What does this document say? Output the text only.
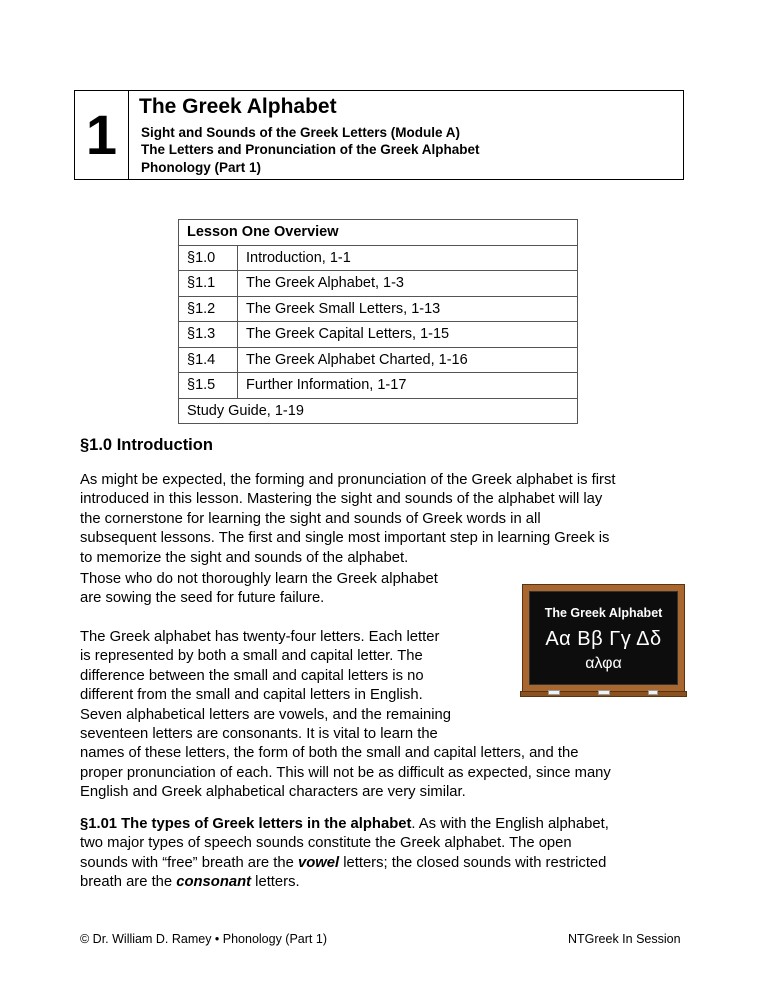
1	The Greek Alphabet
Sight and Sounds of the Greek Letters (Module A)
The Letters and Pronunciation of the Greek Alphabet
Phonology (Part 1)
Lesson One Overview	
§1.0	Introduction, 1-1
§1.1	The Greek Alphabet, 1-3
§1.2	The Greek Small Letters, 1-13
§1.3	The Greek Capital Letters, 1-15
§1.4	The Greek Alphabet Charted, 1-16
§1.5	Further Information, 1-17
Study Guide, 1-19	
§1.0 Introduction
As might be expected, the forming and pronunciation of the Greek alphabet is first
introduced in this lesson. Mastering the sight and sounds of the alphabet will lay
the cornerstone for learning the sight and sounds of Greek words in all
subsequent lessons. The first and single most important step in learning Greek is
to memorize the sight and sounds of the alphabet.
Those who do not thoroughly learn the Greek alphabet
are sowing the seed for future failure.
The Greek alphabet has twenty-four letters. Each letter
is represented by both a small and capital letter. The
difference between the small and capital letters is no
different from the small and capital letters in English.
Seven alphabetical letters are vowels, and the remaining
seventeen letters are consonants. It is vital to learn the
names of these letters, the form of both the small and capital letters, and the
proper pronunciation of each. This will not be as difficult as expected, since many
English and Greek alphabetical characters are very similar.
§1.01 The types of Greek letters in the alphabet. As with the English alphabet,
two major types of speech sounds constitute the Greek alphabet. The open
sounds with “free” breath are the vowel letters; the closed sounds with restricted
breath are the consonant letters.
The Greek Alphabet
Αα Ββ Γγ Δδ
αλφα
© Dr. William D. Ramey • Phonology (Part 1)	NTGreek In Session
